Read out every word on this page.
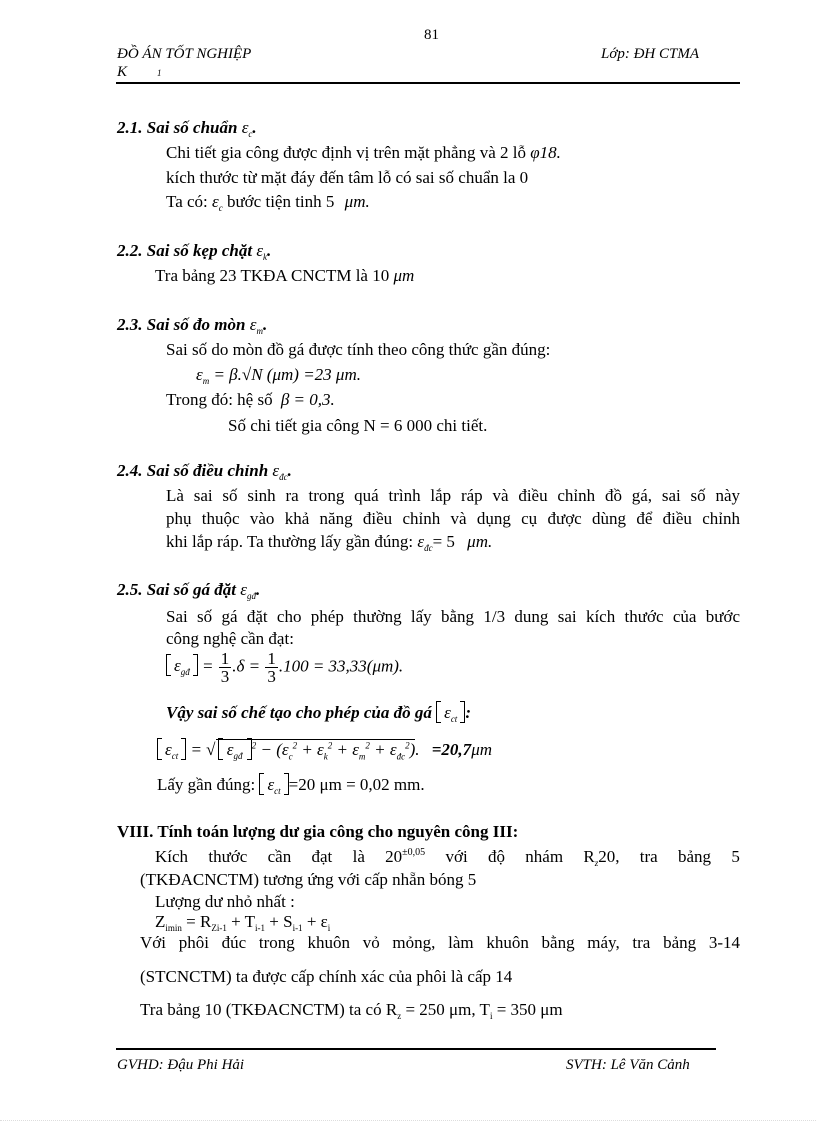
81
ĐỒ ÁN TỐT NGHIỆP	Lớp: ĐH CTMA
K	1
2.1. Sai số chuẩn $\varepsilon_c$.
Chi tiết gia công được định vị trên mặt phẳng và 2 lỗ φ18.
kích thước từ mặt đáy đến tâm lỗ có sai số chuẩn la 0
Ta có: $\varepsilon_c$ bước tiện tinh 5 μm.
2.2. Sai số kẹp chặt $\varepsilon_k$.
Tra bảng 23 TKĐA CNCTM là 10 μm
2.3. Sai số đo mòn $\varepsilon_m$.
Sai số do mòn đồ gá được tính theo công thức gần đúng:
$\varepsilon_m = \beta.√N$ (μm) =23 μm.
Trong đó: hệ số β = 0,3.
Số chi tiết gia công N = 6 000 chi tiết.
2.4. Sai số điều chỉnh $\varepsilon_{đc}$.
Là sai số sinh ra trong quá trình lắp ráp và điều chỉnh đồ gá, sai số này
phụ thuộc vào khả năng điều chỉnh và dụng cụ được dùng để điều chỉnh
khi lắp ráp. Ta thường lấy gần đúng: $\varepsilon_{đc}= 5$ μm.
2.5. Sai số gá đặt $\varepsilon_{gđ}$.
Sai số gá đặt cho phép thường lấy bằng 1/3 dung sai kích thước của bước
công nghệ cần đạt:
$\varepsilon_{gđ} = \frac{1}{3} .\delta = \frac{1}{3} .100 = 33,33(\mu m)$.
Vậy sai số chế tạo cho phép của đồ gá $\varepsilon_{ct}$ :
$\varepsilon_{ct}$ = √ $\varepsilon_{gđ}$ $^2 - (\varepsilon_c^2 + \varepsilon_k^2 + \varepsilon_m^2 + \varepsilon_{đc}^2)$. =20,7μm
Lấy gần đúng: $\varepsilon_{ct} =20$ μm = 0,02 mm.
VIII. Tính toán lượng dư gia công cho nguyên công III:
Kích thước cần đạt là $20^{\pm 0,05}$ với độ nhám $R_z20$, tra bảng 5
(TKĐACNCTM) tương ứng với cấp nhẵn bóng 5
Lượng dư nhỏ nhất :
$Z_{imin} = R_{Zi-1} + T_{i-1} + S_{i-1} + \varepsilon_i$
Với phôi đúc trong khuôn vỏ mỏng, làm khuôn bằng máy, tra bảng 3-14
(STCNCTM) ta được cấp chính xác của phôi là cấp 14
Tra bảng 10 (TKĐACNCTM) ta có $R_z = 250$ μm, $T_i = 350$ μm
GVHD: Đậu Phi Hải	SVTH: Lê Văn Cảnh
